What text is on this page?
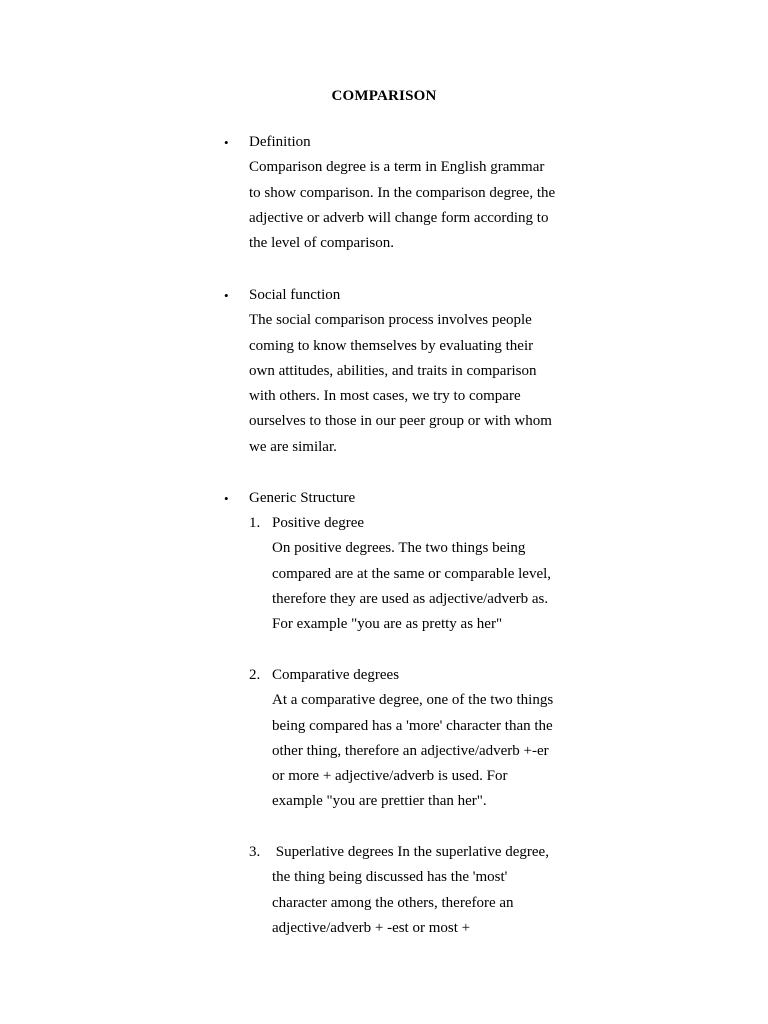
COMPARISON
• Definition
Comparison degree is a term in English grammar
to show comparison. In the comparison degree, the
adjective or adverb will change form according to
the level of comparison.
• Social function
The social comparison process involves people
coming to know themselves by evaluating their
own attitudes, abilities, and traits in comparison
with others. In most cases, we try to compare
ourselves to those in our peer group or with whom
we are similar.
• Generic Structure
1. Positive degree
On positive degrees. The two things being
compared are at the same or comparable level,
therefore they are used as adjective/adverb as.
For example "you are as pretty as her"
2. Comparative degrees
At a comparative degree, one of the two things
being compared has a 'more' character than the
other thing, therefore an adjective/adverb +-er
or more + adjective/adverb is used. For
example "you are prettier than her".
3. Superlative degrees In the superlative degree,
the thing being discussed has the 'most'
character among the others, therefore an
adjective/adverb + -est or most +
